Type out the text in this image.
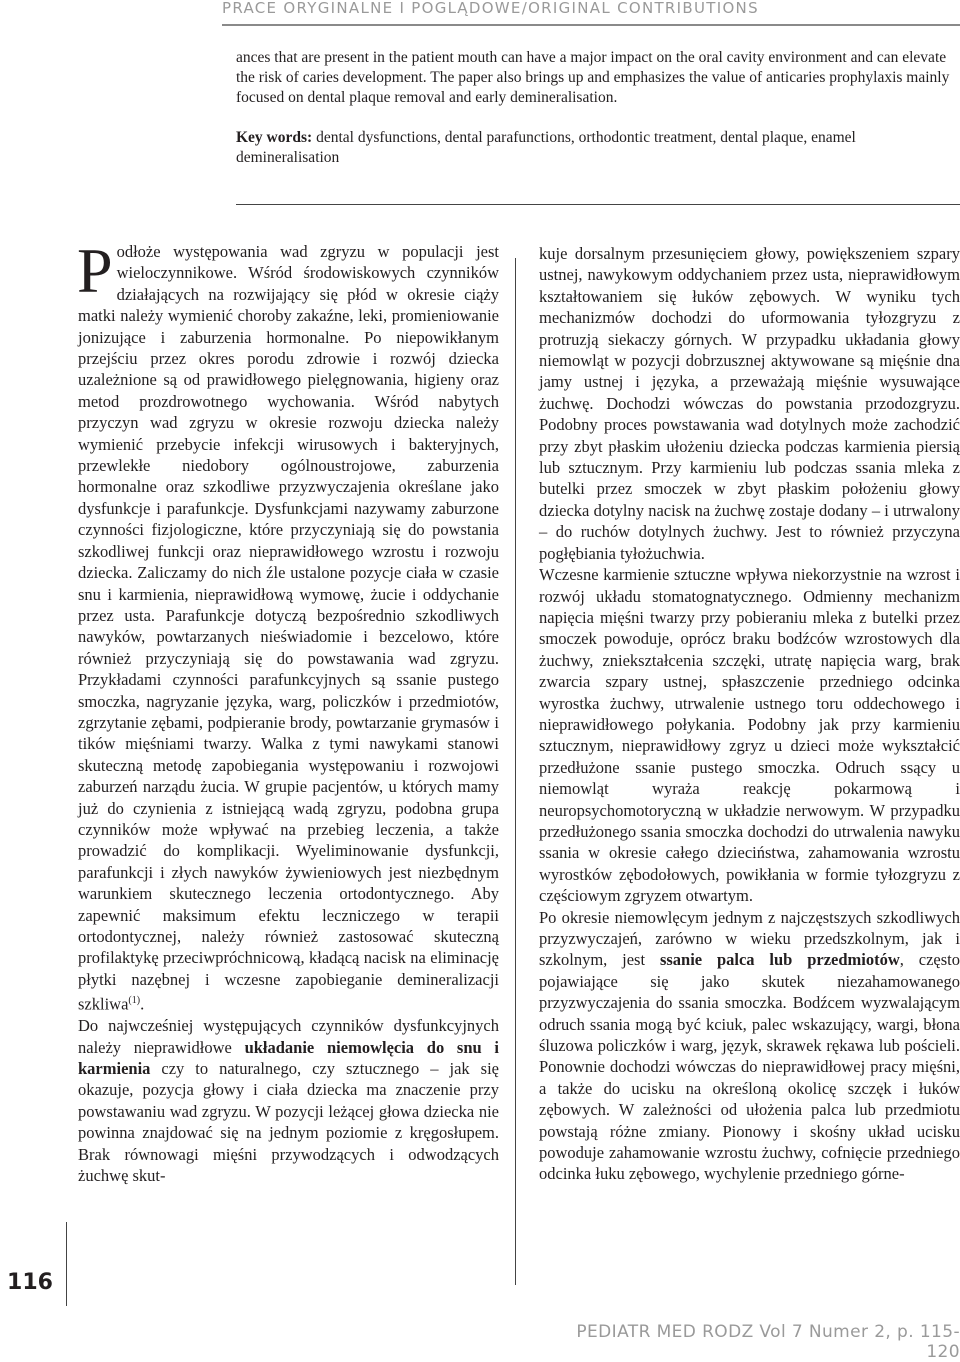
PRACE ORYGINALNE I POGLĄDOWE/ORIGINAL CONTRIBUTIONS

ances that are present in the patient mouth can have a major impact on the oral cavity environment and can elevate the risk of caries development. The paper also brings up and emphasizes the value of anticaries prophylaxis mainly focused on dental plaque removal and early demineralisation.

Key words: dental dysfunctions, dental parafunctions, orthodontic treatment, dental plaque, enamel demineralisation

Podłoże występowania wad zgryzu w populacji jest wieloczynnikowe. Wśród środowiskowych czynników działających na rozwijający się płód w okresie ciąży matki należy wymienić choroby zakaźne, leki, promieniowanie jonizujące i zaburzenia hormonalne. Po niepowikłanym przejściu przez okres porodu zdrowie i rozwój dziecka uzależnione są od prawidłowego pielęgnowania, higieny oraz metod prozdrowotnego wychowania. Wśród nabytych przyczyn wad zgryzu w okresie rozwoju dziecka należy wymienić przebycie infekcji wirusowych i bakteryjnych, przewlekłe niedobory ogólnoustrojowe, zaburzenia hormonalne oraz szkodliwe przyzwyczajenia określane jako dysfunkcje i parafunkcje. Dysfunkcjami nazywamy zaburzone czynności fizjologiczne, które przyczyniają się do powstania szkodliwej funkcji oraz nieprawidłowego wzrostu i rozwoju dziecka. Zaliczamy do nich źle ustalone pozycje ciała w czasie snu i karmienia, nieprawidłową wymowę, żucie i oddychanie przez usta. Parafunkcje dotyczą bezpośrednio szkodliwych nawyków, powtarzanych nieświadomie i bezcelowo, które również przyczyniają się do powstawania wad zgryzu. Przykładami czynności parafunkcyjnych są ssanie pustego smoczka, nagryzanie języka, warg, policzków i przedmiotów, zgrzytanie zębami, podpieranie brody, powtarzanie grymasów i tików mięśniami twarzy. Walka z tymi nawykami stanowi skuteczną metodę zapobiegania występowaniu i rozwojowi zaburzeń narządu żucia. W grupie pacjentów, u których mamy już do czynienia z istniejącą wadą zgryzu, podobna grupa czynników może wpływać na przebieg leczenia, a także prowadzić do komplikacji. Wyeliminowanie dysfunkcji, parafunkcji i złych nawyków żywieniowych jest niezbędnym warunkiem skutecznego leczenia ortodontycznego. Aby zapewnić maksimum efektu leczniczego w terapii ortodontycznej, należy również zastosować skuteczną profilaktykę przeciwpróchnicową, kładącą nacisk na eliminację płytki nazębnej i wczesne zapobieganie demineralizacji szkliwa$^{(1)}$.

Do najwcześniej występujących czynników dysfunkcyjnych należy nieprawidłowe układanie niemowlęcia do snu i karmienia czy to naturalnego, czy sztucznego – jak się okazuje, pozycja głowy i ciała dziecka ma znaczenie przy powstawaniu wad zgryzu. W pozycji leżącej głowa dziecka nie powinna znajdować się na jednym poziomie z kręgosłupem. Brak równowagi mięśni przywodzących i odwodzących żuchwę skut-

kuje dorsalnym przesunięciem głowy, powiększeniem szpary ustnej, nawykowym oddychaniem przez usta, nieprawidłowym kształtowaniem się łuków zębowych. W wyniku tych mechanizmów dochodzi do uformowania tyłozgryzu z protruzją siekaczy górnych. W przypadku układania głowy niemowląt w pozycji dobrzusznej aktywowane są mięśnie dna jamy ustnej i języka, a przeważają mięśnie wysuwające żuchwę. Dochodzi wówczas do powstania przodozgryzu. Podobny proces powstawania wad dotylnych może zachodzić przy zbyt płaskim ułożeniu dziecka podczas karmienia piersią lub sztucznym. Przy karmieniu lub podczas ssania mleka z butelki przez smoczek w zbyt płaskim położeniu głowy dziecka dotylny nacisk na żuchwę zostaje dodany – i utrwalony – do ruchów dotylnych żuchwy. Jest to również przyczyna pogłębiania tyłożuchwia.

Wczesne karmienie sztuczne wpływa niekorzystnie na wzrost i rozwój układu stomatognatycznego. Odmienny mechanizm napięcia mięśni twarzy przy pobieraniu mleka z butelki przez smoczek powoduje, oprócz braku bodźców wzrostowych dla żuchwy, zniekształcenia szczęki, utratę napięcia warg, brak zwarcia szpary ustnej, spłaszczenie przedniego odcinka wyrostka żuchwy, utrwalenie ustnego toru oddechowego i nieprawidłowego połykania. Podobny jak przy karmieniu sztucznym, nieprawidłowy zgryz u dzieci może wykształcić przedłużone ssanie pustego smoczka. Odruch ssący u niemowląt wyraża reakcję pokarmową i neuropsychomotoryczną w układzie nerwowym. W przypadku przedłużonego ssania smoczka dochodzi do utrwalenia nawyku ssania w okresie całego dzieciństwa, zahamowania wzrostu wyrostków zębodołowych, powikłania w formie tyłozgryzu z częściowym zgryzem otwartym.

Po okresie niemowlęcym jednym z najczęstszych szkodliwych przyzwyczajeń, zarówno w wieku przedszkolnym, jak i szkolnym, jest ssanie palca lub przedmiotów, często pojawiające się jako skutek niezahamowanego przyzwyczajenia do ssania smoczka. Bodźcem wyzwalającym odruch ssania mogą być kciuk, palec wskazujący, wargi, błona śluzowa policzków i warg, język, skrawek rękawa lub pościeli. Ponownie dochodzi wówczas do nieprawidłowej pracy mięśni, a także do ucisku na określoną okolicę szczęk i łuków zębowych. W zależności od ułożenia palca lub przedmiotu powstają różne zmiany. Pionowy i skośny układ ucisku powoduje zahamowanie wzrostu żuchwy, cofnięcie przedniego odcinka łuku zębowego, wychylenie przedniego górne-

116
PEDIATR MED RODZ Vol 7 Numer 2, p. 115-120
